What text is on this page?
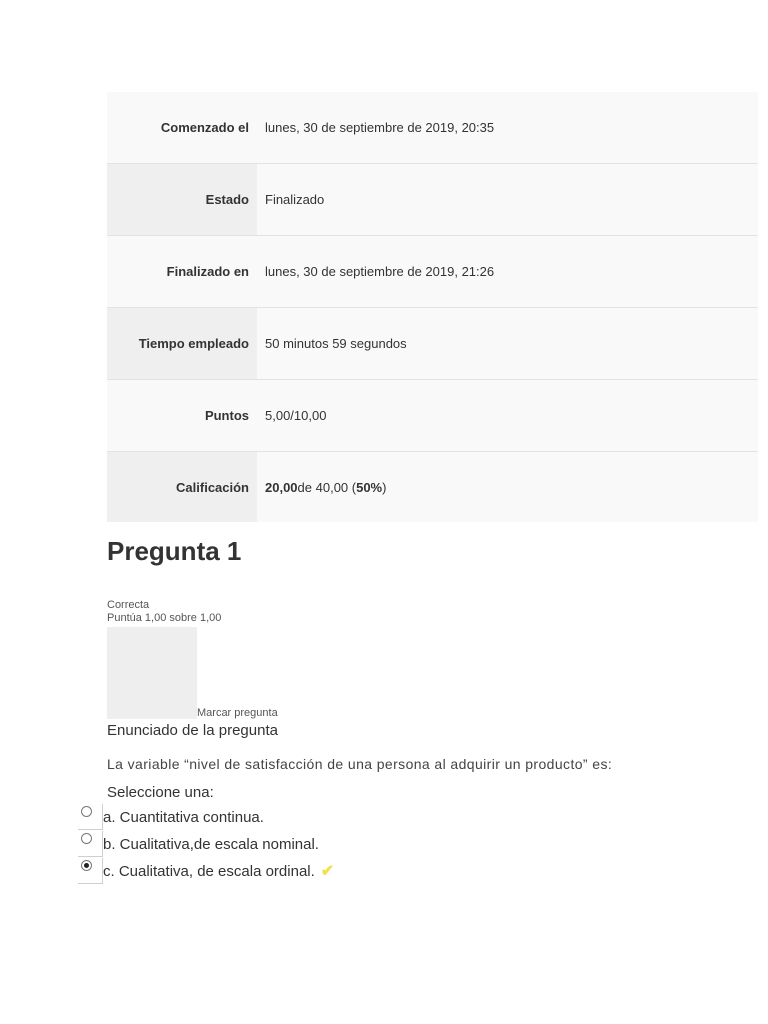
Comenzado el	lunes, 30 de septiembre de 2019, 20:35
Estado	Finalizado
Finalizado en	lunes, 30 de septiembre de 2019, 21:26
Tiempo empleado	50 minutos 59 segundos
Puntos	5,00/10,00
Calificación	20,00 de 40,00 ( 50% )
Pregunta 1
Correcta
Puntúa 1,00 sobre 1,00
Marcar pregunta
Enunciado de la pregunta
La variable “nivel de satisfacción de una persona al adquirir un producto” es:
Seleccione una:
a. Cuantitativa continua.
b. Cualitativa,de escala nominal.
c. Cualitativa, de escala ordinal. ✔
